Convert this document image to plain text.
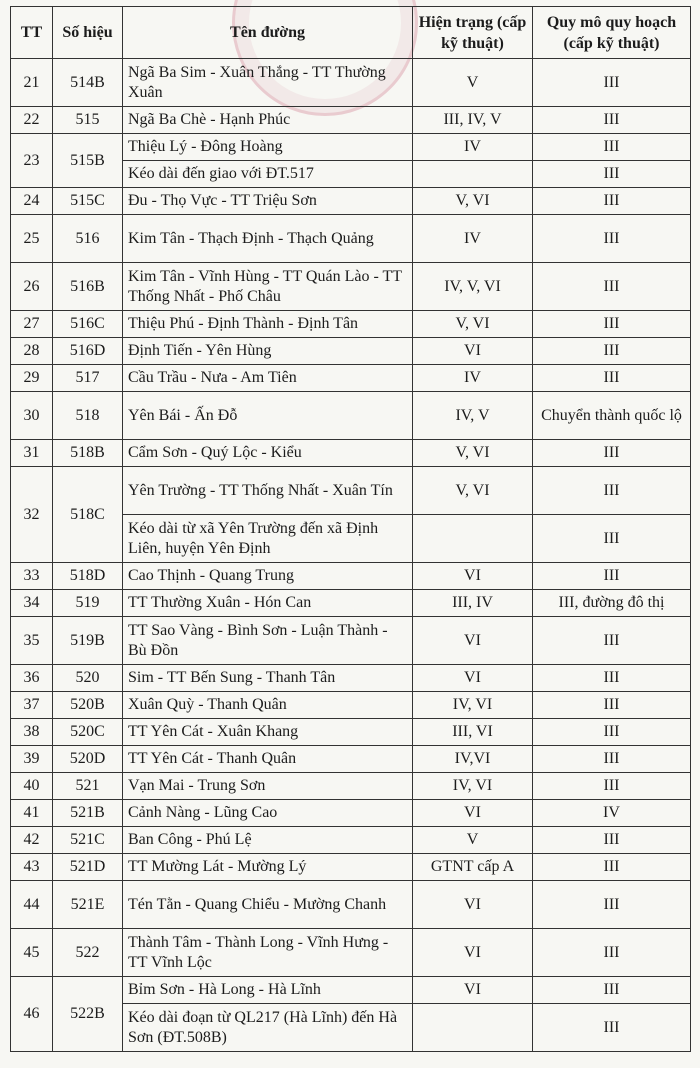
TT	Số hiệu	Tên đường	Hiện trạng (cấp kỹ thuật)	Quy mô quy hoạch (cấp kỹ thuật)
21	514B	Ngã Ba Sim - Xuân Thắng - TT Thường Xuân	V	III
22	515	Ngã Ba Chè - Hạnh Phúc	III, IV, V	III
23	515B	Thiệu Lý - Đông Hoàng	IV	III
		Kéo dài đến giao với ĐT.517		III
24	515C	Đu - Thọ Vực - TT Triệu Sơn	V, VI	III
25	516	Kim Tân - Thạch Định - Thạch Quảng	IV	III
26	516B	Kim Tân - Vĩnh Hùng - TT Quán Lào - TT Thống Nhất - Phố Châu	IV, V, VI	III
27	516C	Thiệu Phú - Định Thành - Định Tân	V, VI	III
28	516D	Định Tiến - Yên Hùng	VI	III
29	517	Cầu Trầu - Nưa - Am Tiên	IV	III
30	518	Yên Bái - Ấn Đỗ	IV, V	Chuyển thành quốc lộ
31	518B	Cẩm Sơn - Quý Lộc - Kiểu	V, VI	III
32	518C	Yên Trường - TT Thống Nhất - Xuân Tín	V, VI	III
		Kéo dài từ xã Yên Trường đến xã Định Liên, huyện Yên Định		III
33	518D	Cao Thịnh - Quang Trung	VI	III
34	519	TT Thường Xuân - Hón Can	III, IV	III, đường đô thị
35	519B	TT Sao Vàng - Bình Sơn - Luận Thành - Bù Đồn	VI	III
36	520	Sim - TT Bến Sung - Thanh Tân	VI	III
37	520B	Xuân Quỳ - Thanh Quân	IV, VI	III
38	520C	TT Yên Cát - Xuân Khang	III, VI	III
39	520D	TT Yên Cát - Thanh Quân	IV,VI	III
40	521	Vạn Mai - Trung Sơn	IV, VI	III
41	521B	Cảnh Nàng - Lũng Cao	VI	IV
42	521C	Ban Công - Phú Lệ	V	III
43	521D	TT Mường Lát - Mường Lý	GTNT cấp A	III
44	521E	Tén Tằn - Quang Chiểu - Mường Chanh	VI	III
45	522	Thành Tâm - Thành Long - Vĩnh Hưng - TT Vĩnh Lộc	VI	III
46	522B	Bỉm Sơn - Hà Long - Hà Lĩnh	VI	III
		Kéo dài đoạn từ QL217 (Hà Lĩnh) đến Hà Sơn (ĐT.508B)		III
